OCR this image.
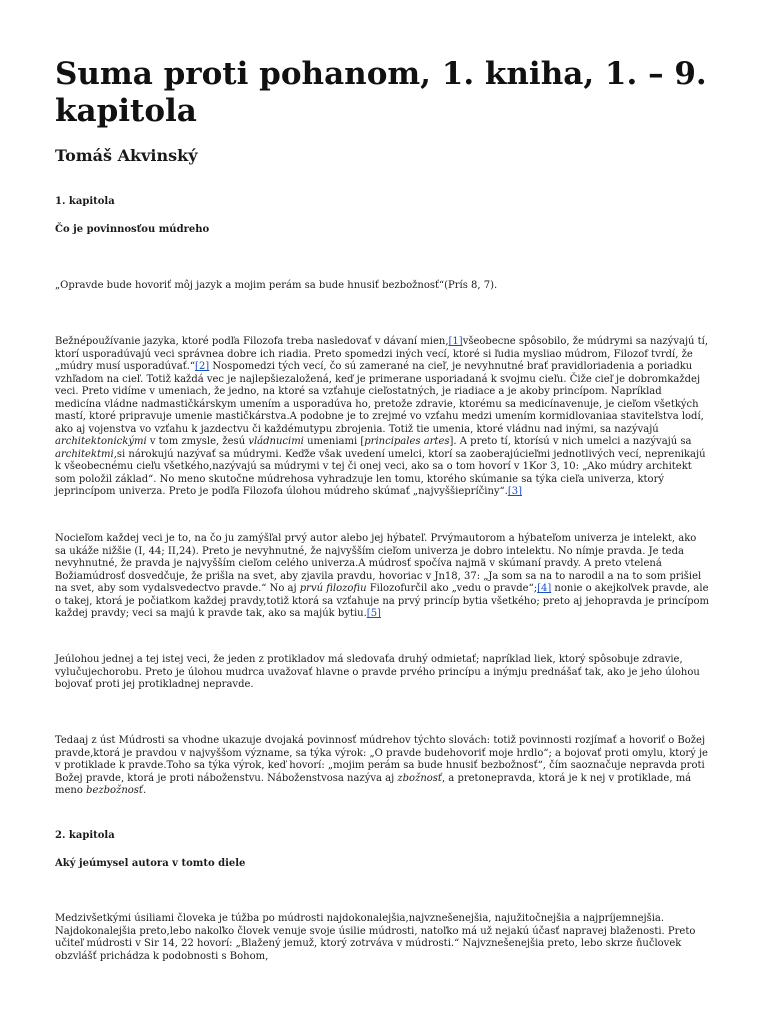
Suma proti pohanom, 1. kniha, 1. – 9. kapitola
Tomáš Akvinský

1. kapitola

Čo je povinnosťou múdreho

„Opravde bude hovoriť môj jazyk a mojim perám sa bude hnusiť bezbožnosť“(Prís 8, 7).

Bežnépoužívanie jazyka, ktoré podľa Filozofa treba nasledovať v dávaní mien,[1]všeobecne spôsobilo, že múdrymi sa nazývajú tí, ktorí usporadúvajú veci správnea dobre ich riadia. Preto spomedzi iných vecí, ktoré si ľudia mysliao múdrom, Filozof tvrdí, že „múdry musí usporadúvať.“[2] Nospomedzi tých vecí, čo sú zamerané na cieľ, je nevyhnutné brať pravidloriadenia a poriadku vzhľadom na cieľ. Totiž každá vec je najlepšiezaložená, keď je primerane usporiadaná k svojmu cieľu. Čiže cieľ je dobromkaždej veci. Preto vidíme v umeniach, že jedno, na ktoré sa vzťahuje cieľostatných, je riadiace a je akoby princípom. Napríklad medicína vládne nadmastičkárskym umením a usporadúva ho, pretože zdravie, ktorému sa medicínavenuje, je cieľom všetkých mastí, ktoré pripravuje umenie mastičkárstva.A podobne je to zrejmé vo vzťahu medzi umením kormidlovaniaa staviteľstva lodí, ako aj vojenstva vo vzťahu k jazdectvu či každémutypu zbrojenia. Totiž tie umenia, ktoré vládnu nad inými, sa nazývajú architektonickými v tom zmysle, žesú vládnucimi umeniami [principales artes]. A preto tí, ktorísú v nich umelci a nazývajú sa architektmi,si nárokujú nazývať sa múdrymi. Keďže však uvedení umelci, ktorí sa zaoberajúcieľmi jednotlivých vecí, neprenikajú k všeobecnému cieľu všetkého,nazývajú sa múdrymi v tej či onej veci, ako sa o tom hovorí v 1Kor 3, 10: „Ako múdry architekt som položil základ“. No meno skutočne múdrehosa vyhradzuje len tomu, ktorého skúmanie sa týka cieľa univerza, ktorý jeprincípom univerza. Preto je podľa Filozofa úlohou múdreho skúmať „najvyššiepríčiny“.[3]

Nocieľom každej veci je to, na čo ju zamýšľal prvý autor alebo jej hýbateľ. Prvýmautorom a hýbateľom univerza je intelekt, ako sa ukáže nižšie (I, 44; II,24). Preto je nevyhnutné, že najvyšším cieľom univerza je dobro intelektu. No nímje pravda. Je teda nevyhnutné, že pravda je najvyšším cieľom celého univerza.A múdrosť spočíva najmä v skúmaní pravdy. A preto vtelená Božiamúdrosť dosvedčuje, že prišla na svet, aby zjavila pravdu, hovoriac v Jn18, 37: „Ja som sa na to narodil a na to som prišiel na svet, aby som vydalsvedectvo pravde.“ No aj prvú filozofiu Filozofurčil ako „vedu o pravde“;[4] nonie o akejkoľvek pravde, ale o takej, ktorá je počiatkom každej pravdy,totiž ktorá sa vzťahuje na prvý princíp bytia všetkého; preto aj jehopravda je princípom každej pravdy; veci sa majú k pravde tak, ako sa majúk bytiu.[5]

Jeúlohou jednej a tej istej veci, že jeden z protikladov má sledovaťa druhý odmietať; napríklad liek, ktorý spôsobuje zdravie, vylučujechorobu. Preto je úlohou mudrca uvažovať hlavne o pravde prvého princípu a inýmju prednášať tak, ako je jeho úlohou bojovať proti jej protikladnej nepravde.

Tedaaj z úst Múdrosti sa vhodne ukazuje dvojaká povinnosť múdrehov týchto slovách: totiž povinnosti rozjímať a hovoriť o Božej pravde,ktorá je pravdou v najvyššom význame, sa týka výrok: „O pravde budehovoriť moje hrdlo“; a bojovať proti omylu, ktorý je v protiklade k pravde.Toho sa týka výrok, keď hovorí: „mojim perám sa bude hnusiť bezbožnosť“, čím saoznačuje nepravda proti Božej pravde, ktorá je proti náboženstvu. Náboženstvosa nazýva aj zbožnosť, a pretonepravda, ktorá je k nej v protiklade, má meno bezbožnosť.

2. kapitola

Aký jeúmysel autora v tomto diele

Medzivšetkými úsiliami človeka je túžba po múdrosti najdokonalejšia,najvznešenejšia, najužitočnejšia a najpríjemnejšia. Najdokonalejšia preto,lebo nakoľko človek venuje svoje úsilie múdrosti, natoľko má už nejakú účasť napravej blaženosti. Preto učiteľ múdrosti v Sir 14, 22 hovorí: „Blažený jemuž, ktorý zotrváva v múdrosti.“ Najvznešenejšia preto, lebo skrze ňučlovek obzvlášť prichádza k podobnosti s Bohom,
